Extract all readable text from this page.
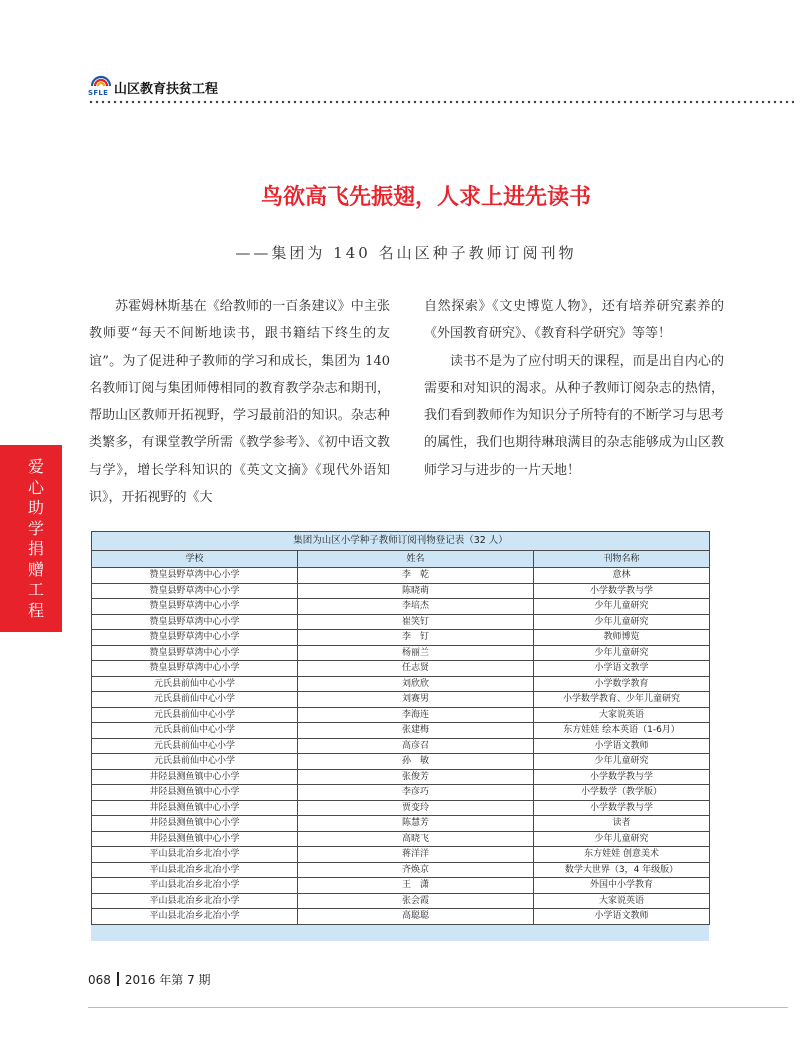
SFLE 山区教育扶贫工程
鸟欲高飞先振翅，人求上进先读书
——集团为 140 名山区种子教师订阅刊物
爱心助学捐赠工程

苏霍姆林斯基在《给教师的一百条建议》中主张教师要“每天不间断地读书，跟书籍结下终生的友谊”。为了促进种子教师的学习和成长，集团为 140 名教师订阅与集团师傅相同的教育教学杂志和期刊，帮助山区教师开拓视野，学习最前沿的知识。杂志种类繁多，有课堂教学所需《教学参考》、《初中语文教与学》，增长学科知识的《英文文摘》《现代外语知识》，开拓视野的《大

自然探索》《文史博览人物》，还有培养研究素养的《外国教育研究》、《教育科学研究》等等！

读书不是为了应付明天的课程，而是出自内心的需要和对知识的渴求。从种子教师订阅杂志的热情，我们看到教师作为知识分子所特有的不断学习与思考的属性，我们也期待琳琅满目的杂志能够成为山区教师学习与进步的一片天地！

集团为山区小学种子教师订阅刊物登记表（32 人）		
学校	姓名	刊物名称
赞皇县野草湾中心小学	李　乾	意林
赞皇县野草湾中心小学	陈晓萌	小学数学教与学
赞皇县野草湾中心小学	李培杰	少年儿童研究
赞皇县野草湾中心小学	崔笑钉	少年儿童研究
赞皇县野草湾中心小学	李　钉	教师博览
赞皇县野草湾中心小学	杨丽兰	少年儿童研究
赞皇县野草湾中心小学	任志贤	小学语文教学
元氏县前仙中心小学	刘欣欣	小学数学教育
元氏县前仙中心小学	刘赛男	小学数学教育、少年儿童研究
元氏县前仙中心小学	李海连	大家说英语
元氏县前仙中心小学	张建梅	东方娃娃 绘本英语（1-6月）
元氏县前仙中心小学	高彦召	小学语文教师
元氏县前仙中心小学	孙　敏	少年儿童研究
井陉县测鱼镇中心小学	张俊芳	小学数学教与学
井陉县测鱼镇中心小学	李彦巧	小学数学（教学版）
井陉县测鱼镇中心小学	贾变玲	小学数学教与学
井陉县测鱼镇中心小学	陈慧芳	读者
井陉县测鱼镇中心小学	高晓飞	少年儿童研究
平山县北冶乡北冶小学	蒋洋洋	东方娃娃 创意美术
平山县北冶乡北冶小学	齐焕京	数学大世界（3，4 年级版）
平山县北冶乡北冶小学	王　潇	外国中小学教育
平山县北冶乡北冶小学	张会霞	大家说英语
平山县北冶乡北冶小学	高聪聪	小学语文教师
068 2016 年第 7 期
